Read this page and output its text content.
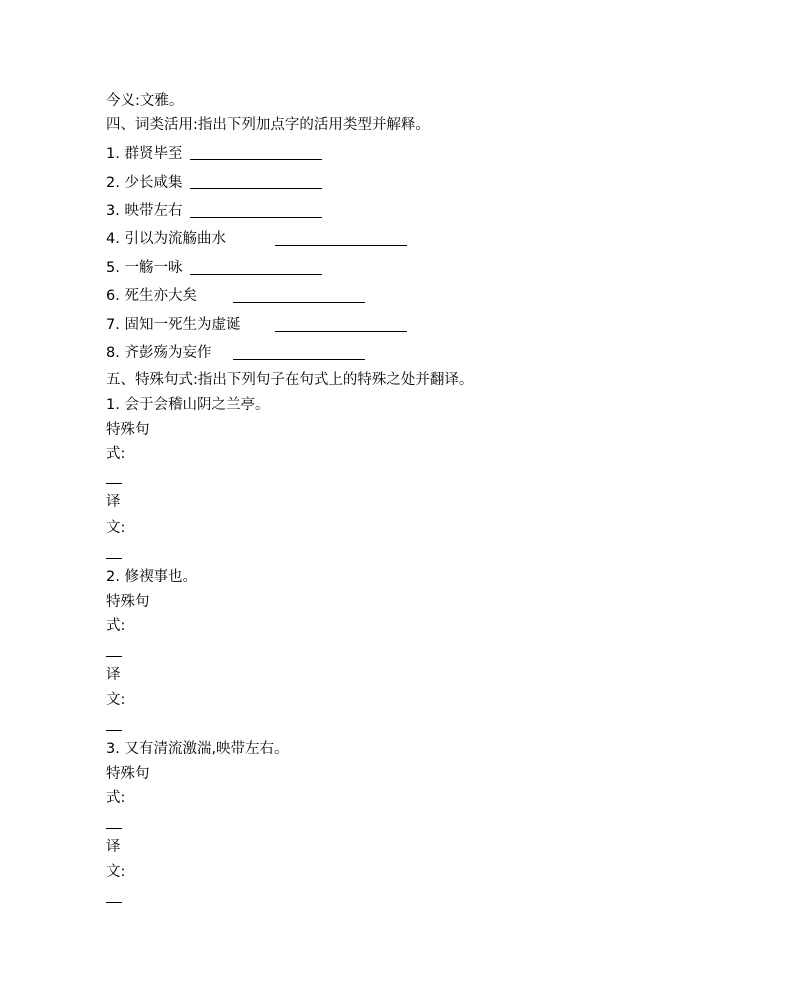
今义:文雅。
四、词类活用:指出下列加点字的活用类型并解释。
1. 群贤毕至
2. 少长咸集
3. 映带左右
4. 引以为流觞曲水
5. 一觞一咏
6. 死生亦大矣
7. 固知一死生为虚诞
8. 齐彭殇为妄作
五、特殊句式:指出下列句子在句式上的特殊之处并翻译。
1. 会于会稽山阴之兰亭。
特殊句
式:
译
文:
2. 修禊事也。
特殊句
式:
译
文:
3. 又有清流激湍,映带左右。
特殊句
式:
译
文:
